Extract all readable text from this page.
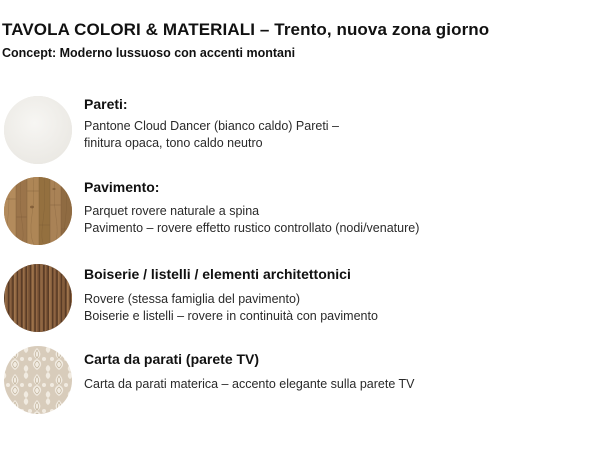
TAVOLA COLORI & MATERIALI – Trento, nuova zona giorno
Concept: Moderno lussuoso con accenti montani
Pareti:
Pantone Cloud Dancer (bianco caldo) Pareti –
finitura opaca, tono caldo neutro
Pavimento:
Parquet rovere naturale a spina
Pavimento – rovere effetto rustico controllato (nodi/venature)
Boiserie / listelli / elementi architettonici
Rovere (stessa famiglia del pavimento)
Boiserie e listelli – rovere in continuità con pavimento
Carta da parati (parete TV)
Carta da parati materica – accento elegante sulla parete TV
